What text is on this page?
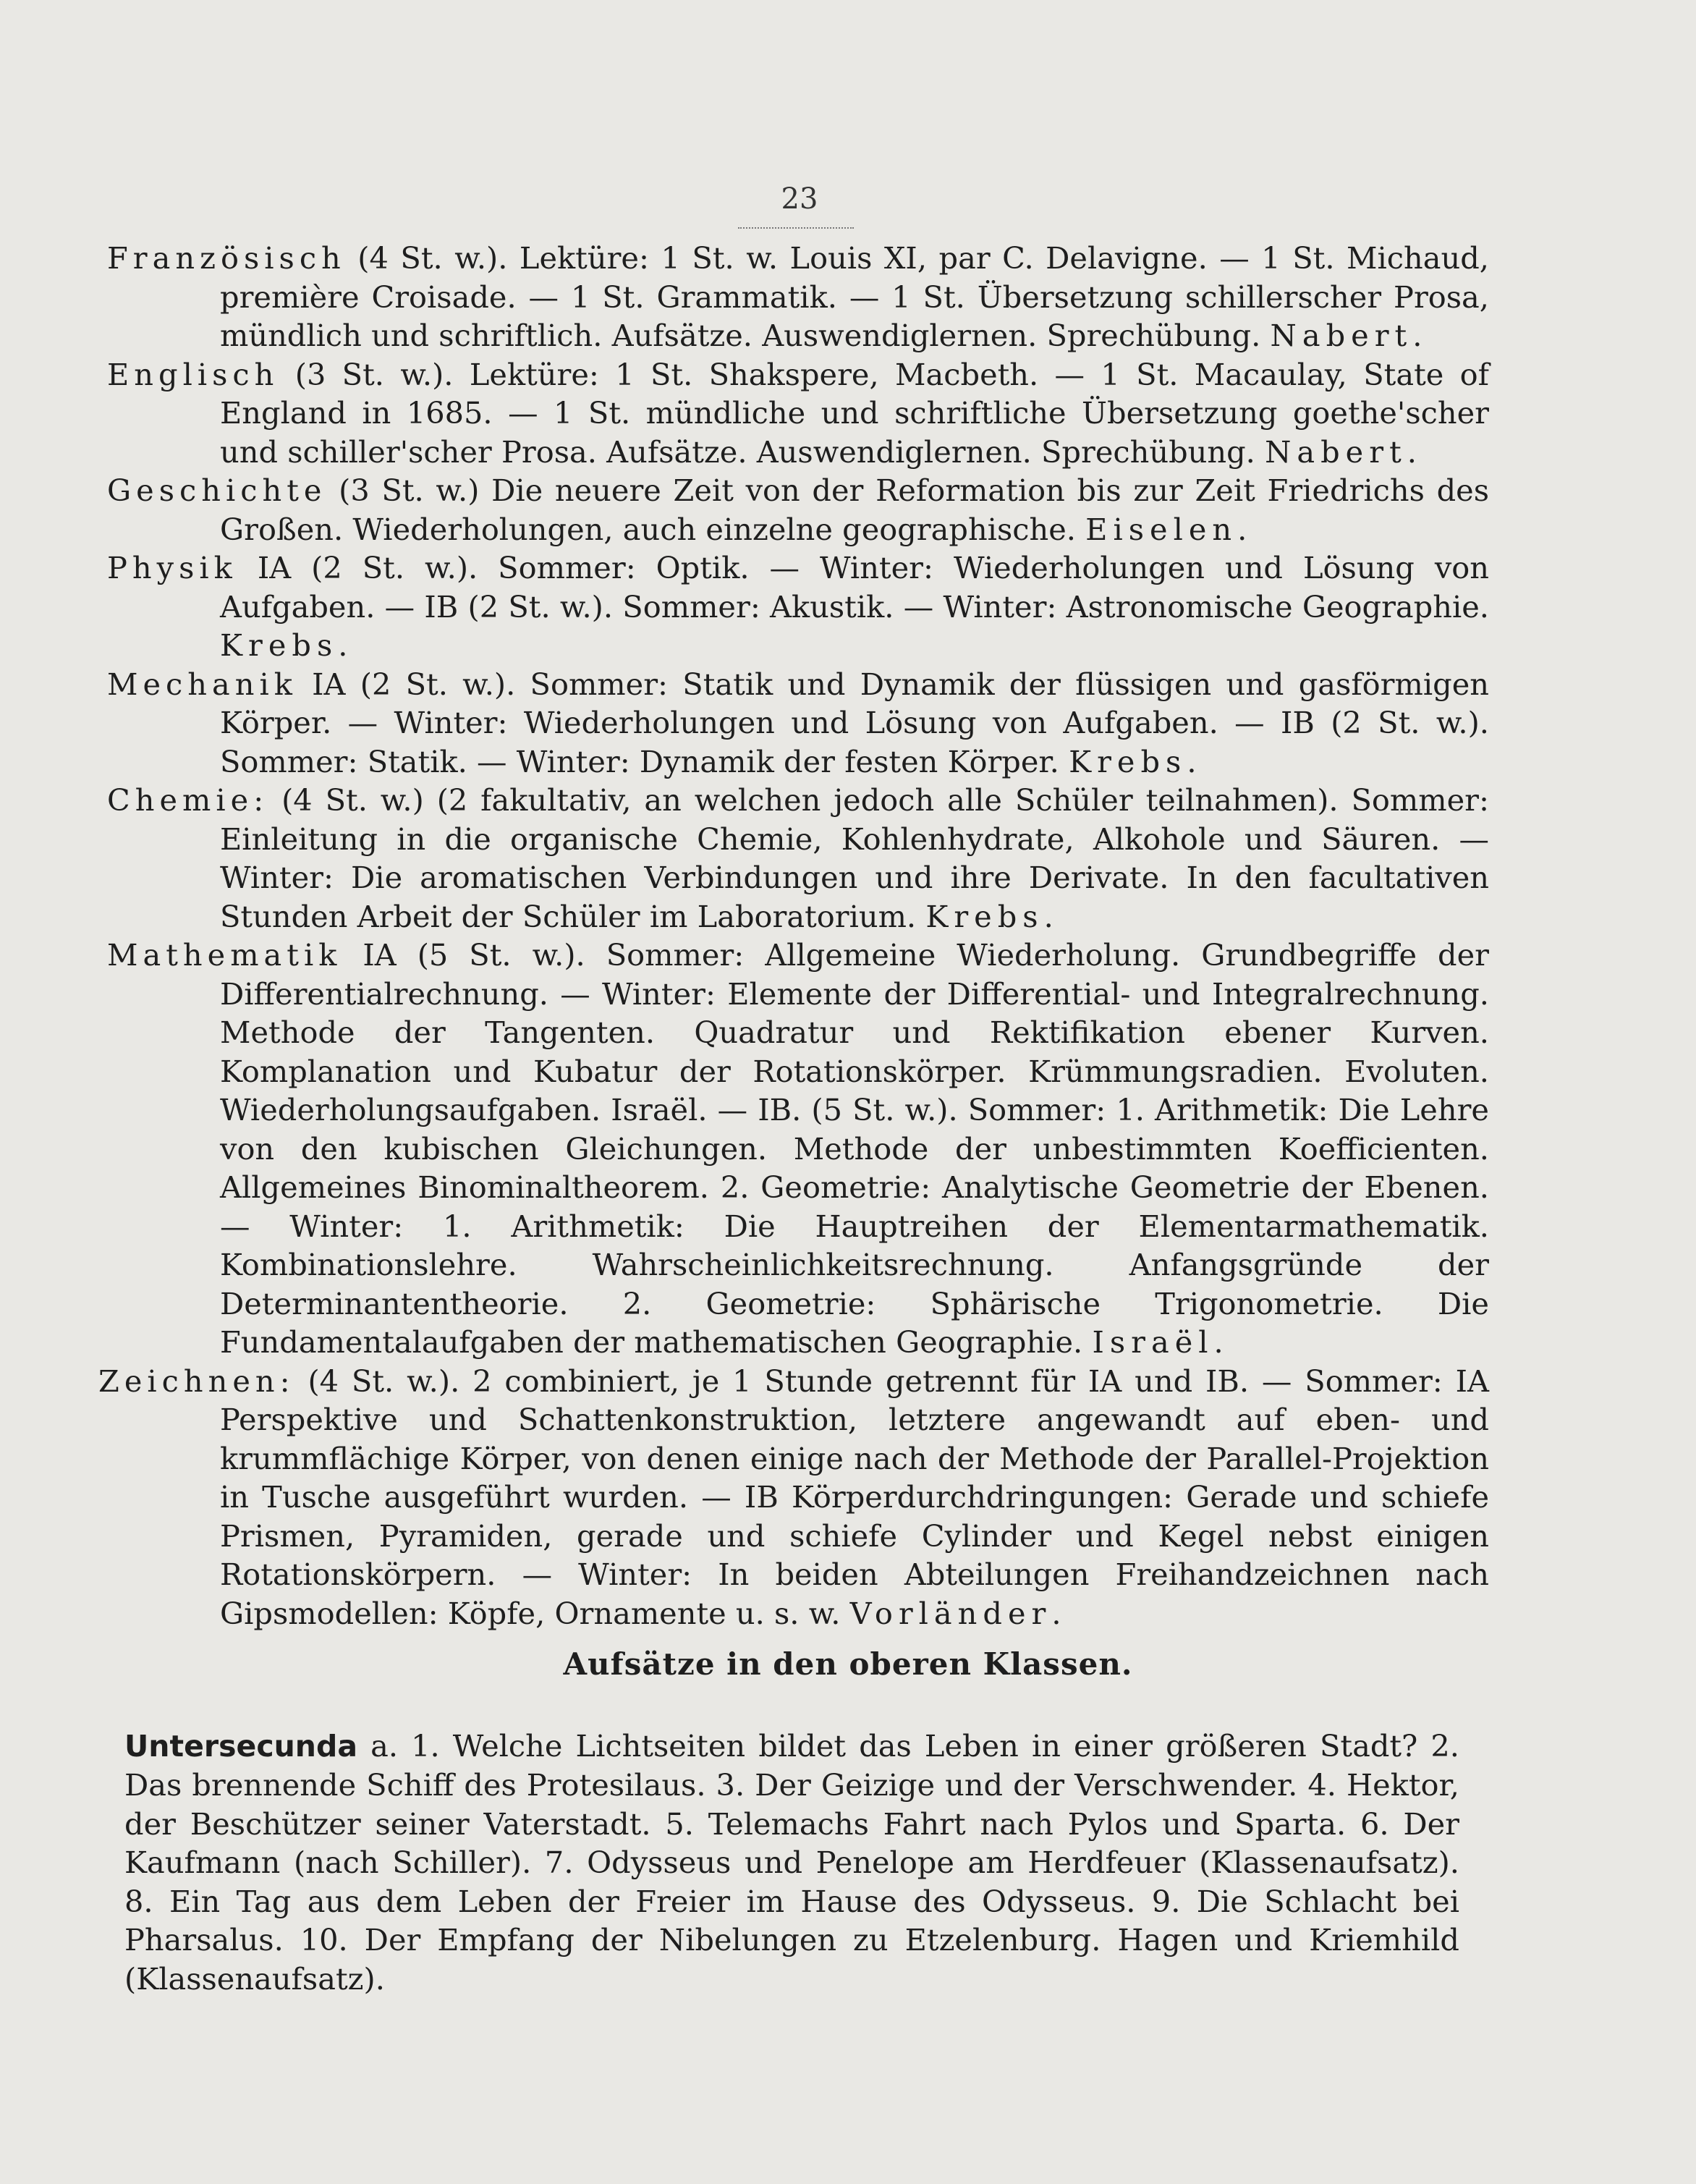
23

Französisch (4 St. w.). Lektüre: 1 St. w. Louis XI, par C. Delavigne. — 1 St. Michaud, première Croisade. — 1 St. Grammatik. — 1 St. Übersetzung schillerscher Prosa, mündlich und schriftlich. Aufsätze. Auswendiglernen. Sprechübung. Nabert.

Englisch (3 St. w.). Lektüre: 1 St. Shakspere, Macbeth. — 1 St. Macaulay, State of England in 1685. — 1 St. mündliche und schriftliche Übersetzung goethe'scher und schiller'scher Prosa. Aufsätze. Auswendiglernen. Sprechübung. Nabert.

Geschichte (3 St. w.) Die neuere Zeit von der Reformation bis zur Zeit Friedrichs des Großen. Wiederholungen, auch einzelne geographische. Eiselen.

Physik IA (2 St. w.). Sommer: Optik. — Winter: Wiederholungen und Lösung von Aufgaben. — IB (2 St. w.). Sommer: Akustik. — Winter: Astronomische Geographie. Krebs.

Mechanik IA (2 St. w.). Sommer: Statik und Dynamik der flüssigen und gasförmigen Körper. — Winter: Wiederholungen und Lösung von Aufgaben. — IB (2 St. w.). Sommer: Statik. — Winter: Dynamik der festen Körper. Krebs.

Chemie: (4 St. w.) (2 fakultativ, an welchen jedoch alle Schüler teilnahmen). Sommer: Einleitung in die organische Chemie, Kohlenhydrate, Alkohole und Säuren. — Winter: Die aromatischen Verbindungen und ihre Derivate. In den facultativen Stunden Arbeit der Schüler im Laboratorium. Krebs.

Mathematik IA (5 St. w.). Sommer: Allgemeine Wiederholung. Grundbegriffe der Differentialrechnung. — Winter: Elemente der Differential- und Integralrechnung. Methode der Tangenten. Quadratur und Rektifikation ebener Kurven. Komplanation und Kubatur der Rotationskörper. Krümmungsradien. Evoluten. Wiederholungsaufgaben. Israël. — IB. (5 St. w.). Sommer: 1. Arithmetik: Die Lehre von den kubischen Gleichungen. Methode der unbestimmten Koefficienten. Allgemeines Binominaltheorem. 2. Geometrie: Analytische Geometrie der Ebenen. — Winter: 1. Arithmetik: Die Hauptreihen der Elementarmathematik. Kombinationslehre. Wahrscheinlichkeitsrechnung. Anfangsgründe der Determinantentheorie. 2. Geometrie: Sphärische Trigonometrie. Die Fundamentalaufgaben der mathematischen Geographie. Israël.

Zeichnen: (4 St. w.). 2 combiniert, je 1 Stunde getrennt für IA und IB. — Sommer: IA Perspektive und Schattenkonstruktion, letztere angewandt auf eben- und krummflächige Körper, von denen einige nach der Methode der Parallel-Projektion in Tusche ausgeführt wurden. — IB Körperdurchdringungen: Gerade und schiefe Prismen, Pyramiden, gerade und schiefe Cylinder und Kegel nebst einigen Rotationskörpern. — Winter: In beiden Abteilungen Freihandzeichnen nach Gipsmodellen: Köpfe, Ornamente u. s. w. Vorländer.

Aufsätze in den oberen Klassen.

Untersecunda a. 1. Welche Lichtseiten bildet das Leben in einer größeren Stadt? 2. Das brennende Schiff des Protesilaus. 3. Der Geizige und der Verschwender. 4. Hektor, der Beschützer seiner Vaterstadt. 5. Telemachs Fahrt nach Pylos und Sparta. 6. Der Kaufmann (nach Schiller). 7. Odysseus und Penelope am Herdfeuer (Klassenaufsatz). 8. Ein Tag aus dem Leben der Freier im Hause des Odysseus. 9. Die Schlacht bei Pharsalus. 10. Der Empfang der Nibelungen zu Etzelenburg. Hagen und Kriemhild (Klassenaufsatz).
